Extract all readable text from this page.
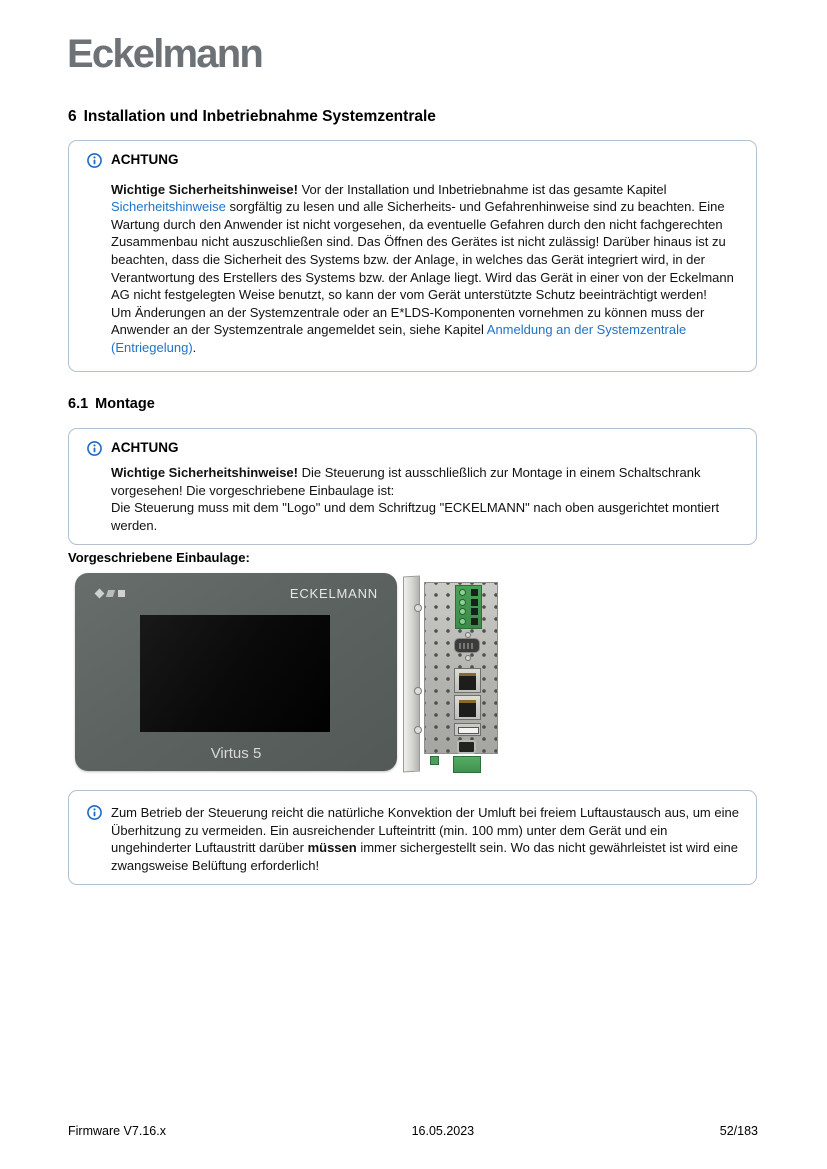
Eckelmann
6 Installation und Inbetriebnahme Systemzentrale
ACHTUNG
Wichtige Sicherheitshinweise! Vor der Installation und Inbetriebnahme ist das gesamte Kapitel Sicherheitshinweise sorgfältig zu lesen und alle Sicherheits- und Gefahrenhinweise sind zu beachten. Eine Wartung durch den Anwender ist nicht vorgesehen, da eventuelle Gefahren durch den nicht fachgerechten Zusammenbau nicht auszuschließen sind. Das Öffnen des Gerätes ist nicht zulässig! Darüber hinaus ist zu beachten, dass die Sicherheit des Systems bzw. der Anlage, in welches das Gerät integriert wird, in der Verantwortung des Erstellers des Systems bzw. der Anlage liegt. Wird das Gerät in einer von der Eckelmann AG nicht festgelegten Weise benutzt, so kann der vom Gerät unterstützte Schutz beeinträchtigt werden!
Um Änderungen an der Systemzentrale oder an E*LDS-Komponenten vornehmen zu können muss der Anwender an der Systemzentrale angemeldet sein, siehe Kapitel Anmeldung an der Systemzentrale (Entriegelung).
6.1 Montage
ACHTUNG
Wichtige Sicherheitshinweise! Die Steuerung ist ausschließlich zur Montage in einem Schaltschrank vorgesehen! Die vorgeschriebene Einbaulage ist:
Die Steuerung muss mit dem "Logo" und dem Schriftzug "ECKELMANN" nach oben ausgerichtet montiert werden.
Vorgeschriebene Einbaulage:
ECKELMANN
Virtus 5
Zum Betrieb der Steuerung reicht die natürliche Konvektion der Umluft bei freiem Luftaustausch aus, um eine Überhitzung zu vermeiden. Ein ausreichender Lufteintritt (min. 100 mm) unter dem Gerät und ein ungehinderter Luftaustritt darüber müssen immer sichergestellt sein. Wo das nicht gewährleistet ist wird eine zwangsweise Belüftung erforderlich!
Firmware V7.16.x	16.05.2023	52/183
